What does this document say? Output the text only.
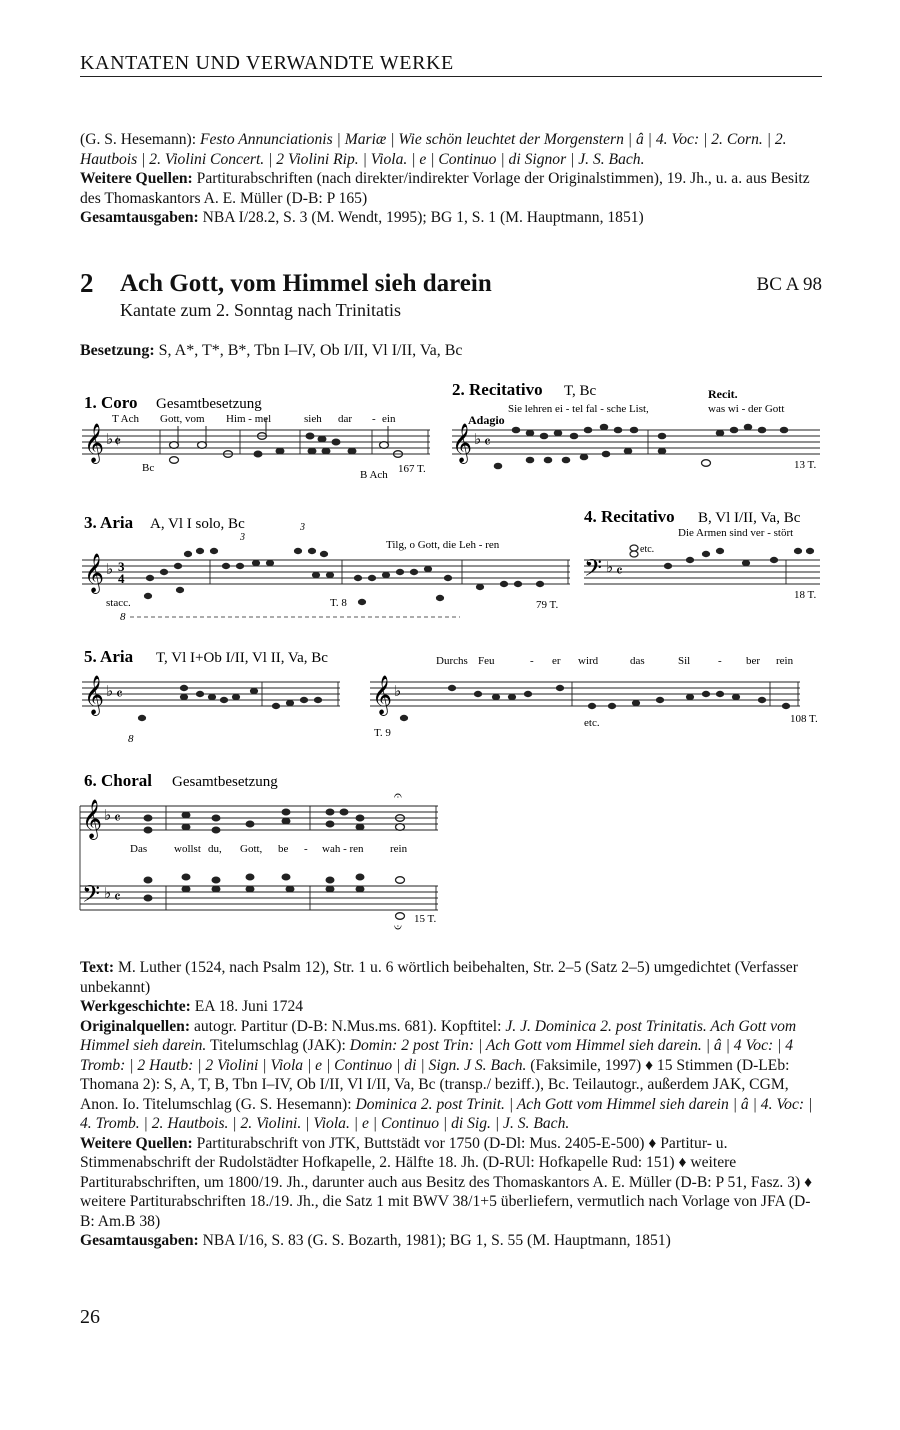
KANTATEN UND VERWANDTE WERKE

(G. S. Hesemann): Festo Annunciationis | Mariæ | Wie schön leuchtet der Morgenstern | â | 4. Voc: | 2. Corn. | 2. Hautbois | 2. Violini Concert. | 2 Violini Rip. | Viola. | e | Continuo | di Signor | J. S. Bach.

Weitere Quellen: Partiturabschriften (nach direkter/indirekter Vorlage der Originalstimmen), 19. Jh., u. a. aus Besitz des Thomaskantors A. E. Müller (D-B: P 165)

Gesamtausgaben: NBA I/28.2, S. 3 (M. Wendt, 1995); BG 1, S. 1 (M. Hauptmann, 1851)

2 Ach Gott, vom Himmel sieh darein	BC A 98
Kantate zum 2. Sonntag nach Trinitatis
Besetzung: S, A*, T*, B*, Tbn I–IV, Ob I/II, Vl I/II, Va, Bc
1. Coro Gesamtbesetzung
𝄞 ♭ 𝄵
T Ach Gott, vom Him - mel	sieh dar - ein
Bc
B Ach 167 T.
2. Recitativo T, Bc
Adagio
Sie lehren ei - tel fal - sche List,
Recit.
was wi - der Gott
𝄞 ♭ 𝄴
13 T.
3. Aria A, Vl I solo, Bc
Tilg, o Gott, die Leh - ren
𝄞 ♭ 3
4
3
3
stacc.
8
T. 8	79 T.
4. Recitativo B, Vl I/II, Va, Bc
Die Armen sind ver - stört
𝄢 ♭ 𝄴
etc.
18 T.
5. Aria T, Vl I+Ob I/II, Vl II, Va, Bc
𝄞 ♭ 𝄴	𝄞 ♭
Durchs Feu	- er wird	das	Sil	- ber rein
8	T. 9
etc.	108 T.
6. Choral Gesamtbesetzung
𝄞 ♭ 𝄴
𝄢 ♭ 𝄴
𝄐
𝄑
Das wollst du, Gott, be - wah - ren rein
15 T.

Text: M. Luther (1524, nach Psalm 12), Str. 1 u. 6 wörtlich beibehalten, Str. 2–5 (Satz 2–5) umgedichtet (Verfasser unbekannt)

Werkgeschichte: EA 18. Juni 1724

Originalquellen: autogr. Partitur (D-B: N.Mus.ms. 681). Kopftitel: J. J. Dominica 2. post Trinitatis. Ach Gott vom Himmel sieh darein. Titelumschlag (JAK): Domin: 2 post Trin: | Ach Gott vom Himmel sieh darein. | â | 4 Voc: | 4 Tromb: | 2 Hautb: | 2 Violini | Viola | e | Continuo | di | Sign. J S. Bach. (Faksimile, 1997) ♦ 15 Stimmen (D-LEb: Thomana 2): S, A, T, B, Tbn I–IV, Ob I/II, Vl I/II, Va, Bc (transp./ beziff.), Bc. Teilautogr., außerdem JAK, CGM, Anon. Io. Titelumschlag (G. S. Hesemann): Dominica 2. post Trinit. | Ach Gott vom Himmel sieh darein | â | 4. Voc: | 4. Tromb. | 2. Hautbois. | 2. Violini. | Viola. | e | Continuo | di Sig. | J. S. Bach.

Weitere Quellen: Partiturabschrift von JTK, Buttstädt vor 1750 (D-Dl: Mus. 2405-E-500) ♦ Partitur- u. Stimmenabschrift der Rudolstädter Hofkapelle, 2. Hälfte 18. Jh. (D-RUl: Hofkapelle Rud: 151) ♦ weitere Partiturabschriften, um 1800/19. Jh., darunter auch aus Besitz des Thomaskantors A. E. Müller (D-B: P 51, Fasz. 3) ♦ weitere Partiturabschriften 18./19. Jh., die Satz 1 mit BWV 38/1+5 überliefern, vermutlich nach Vorlage von JFA (D-B: Am.B 38)

Gesamtausgaben: NBA I/16, S. 83 (G. S. Bozarth, 1981); BG 1, S. 55 (M. Hauptmann, 1851)

26
